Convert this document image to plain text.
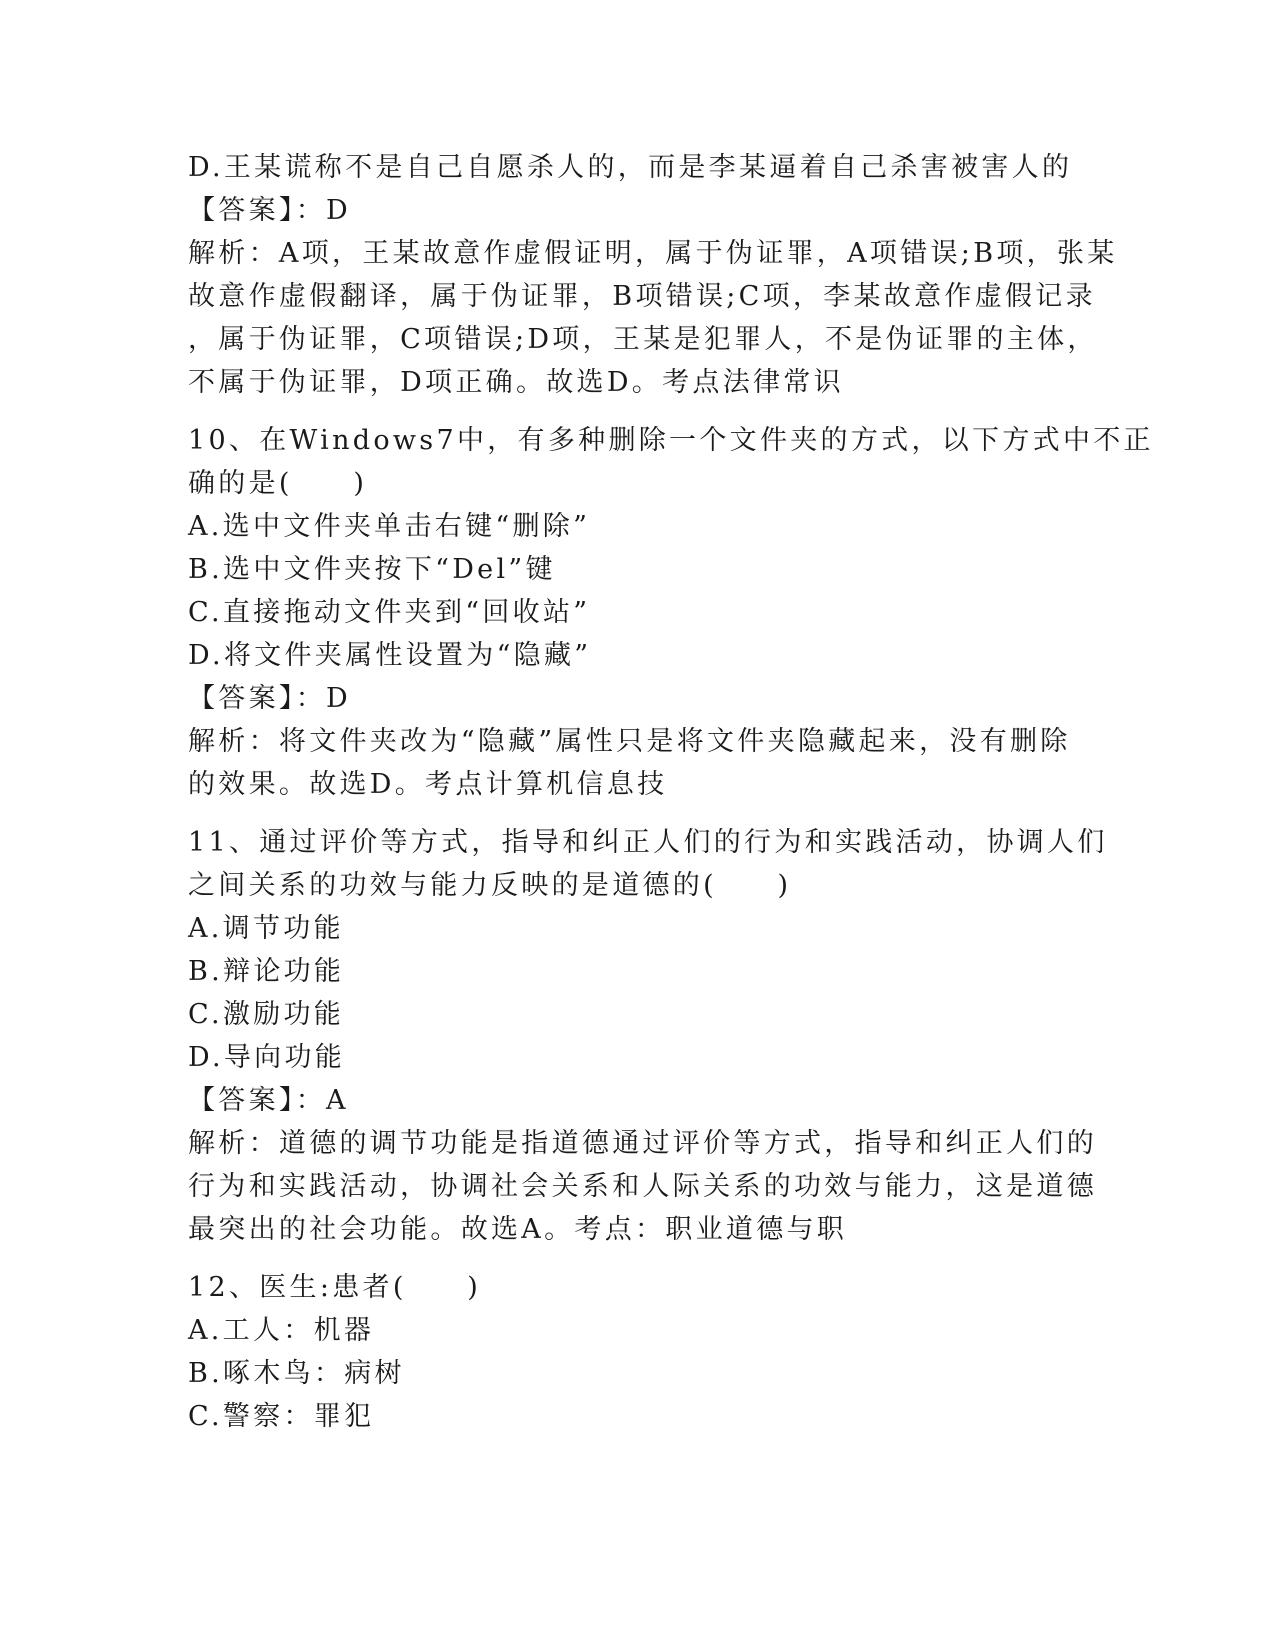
D.王某谎称不是自己自愿杀人的，而是李某逼着自己杀害被害人的
【答案】：D
解析：A项，王某故意作虚假证明，属于伪证罪，A项错误;B项，张某
故意作虚假翻译，属于伪证罪，B项错误;C项，李某故意作虚假记录
，属于伪证罪，C项错误;D项，王某是犯罪人，不是伪证罪的主体，
不属于伪证罪，D项正确。故选D。考点法律常识
10、在Windows7中，有多种删除一个文件夹的方式，以下方式中不正
确的是(　　)
A.选中文件夹单击右键“删除”
B.选中文件夹按下“Del”键
C.直接拖动文件夹到“回收站”
D.将文件夹属性设置为“隐藏”
【答案】：D
解析：将文件夹改为“隐藏”属性只是将文件夹隐藏起来，没有删除
的效果。故选D。考点计算机信息技
11、通过评价等方式，指导和纠正人们的行为和实践活动，协调人们
之间关系的功效与能力反映的是道德的(　　)
A.调节功能
B.辩论功能
C.激励功能
D.导向功能
【答案】：A
解析：道德的调节功能是指道德通过评价等方式，指导和纠正人们的
行为和实践活动，协调社会关系和人际关系的功效与能力，这是道德
最突出的社会功能。故选A。考点：职业道德与职
12、医生:患者(　　)
A.工人：机器
B.啄木鸟：病树
C.警察：罪犯
